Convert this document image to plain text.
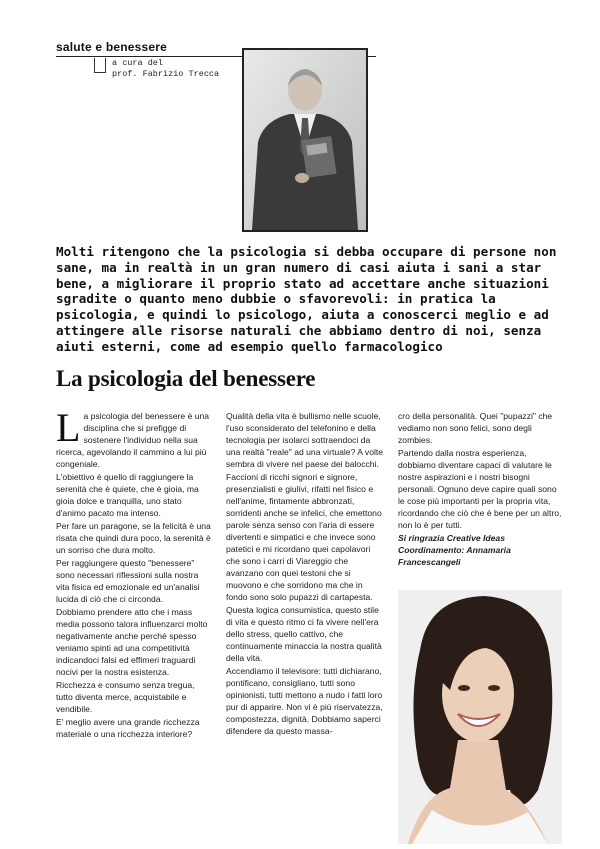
salute e benessere
a cura del
prof. Fabrizio Trecca
Molti ritengono che la psicologia si debba occupare di persone non sane, ma in realtà in un gran numero di casi aiuta i sani a star bene, a migliorare il proprio stato ad accettare anche situazioni sgradite o quanto meno dubbie o sfavorevoli: in pratica la psicologia, e quindi lo psicologo, aiuta a conoscerci meglio e ad attingere alle risorse naturali che abbiamo dentro di noi, senza aiuti esterni, come ad esempio quello farmacologico
La psicologia del benessere

La psicologia del benessere è una disciplina che si prefigge di sostenere l'individuo nella sua ricerca, agevolando il cammino a lui più congeniale.

L'obiettivo è quello di raggiungere la serenità che è quiete, che è gioia, ma gioia dolce e tranquilla, uno stato d'animo pacato ma intenso.

Per fare un paragone, se la felicità è una risata che quindi dura poco, la serenità è un sorriso che dura molto.

Per raggiungere questo "benessere" sono necessari riflessioni sulla nostra vita fisica ed emozionale ed un'analisi lucida di ciò che ci circonda.

Dobbiamo prendere atto che i mass media possono talora influenzarci molto negativamente anche perché spesso veniamo spinti ad una competitività indicandoci falsi ed effimeri traguardi nocivi per la nostra esistenza.

Ricchezza e consumo senza tregua, tutto diventa merce, acquistabile e vendibile.

E' meglio avere una grande ricchezza materiale o una ricchezza interiore?

Qualità della vita è bullismo nelle scuole, l'uso sconsiderato del telefonino e della tecnologia per isolarci sottraendoci da una realtà "reale" ad una virtuale? A volte sembra di vivere nel paese dei balocchi.

Faccioni di ricchi signori e signore, presenzialisti e giulivi, rifatti nel fisico e nell'anime, fintamente abbronzati, sorridenti anche se infelici, che emettono parole senza senso con l'aria di essere divertenti e simpatici e che invece sono patetici e mi ricordano quei capolavori che sono i carri di Viareggio che avanzano con quei testoni che si muovono e che sorridono ma che in fondo sono solo pupazzi di cartapesta.

Questa logica consumistica, questo stile di vita e questo ritmo ci fa vivere nell'era dello stress, quello cattivo, che continuamente minaccia la nostra qualità della vita.

Accendiamo il televisore: tutti dichiarano, pontificano, consigliano, tutti sono opinionisti, tutti mettono a nudo i fatti loro pur di apparire. Non vi è più riservatezza, compostezza, dignità. Dobbiamo saperci difendere da questo massa-

cro della personalità. Quei "pupazzi" che vediamo non sono felici, sono degli zombies.

Partendo dalla nostra esperienza, dobbiamo diventare capaci di valutare le nostre aspirazioni e i nostri bisogni personali. Ognuno deve capire quali sono le cose più importanti per la propria vita, ricordando che ciò che è bene per un altro, non lo è per tutti.

Si ringrazia Creative Ideas Coordinamento: Annamaria Francescangeli
